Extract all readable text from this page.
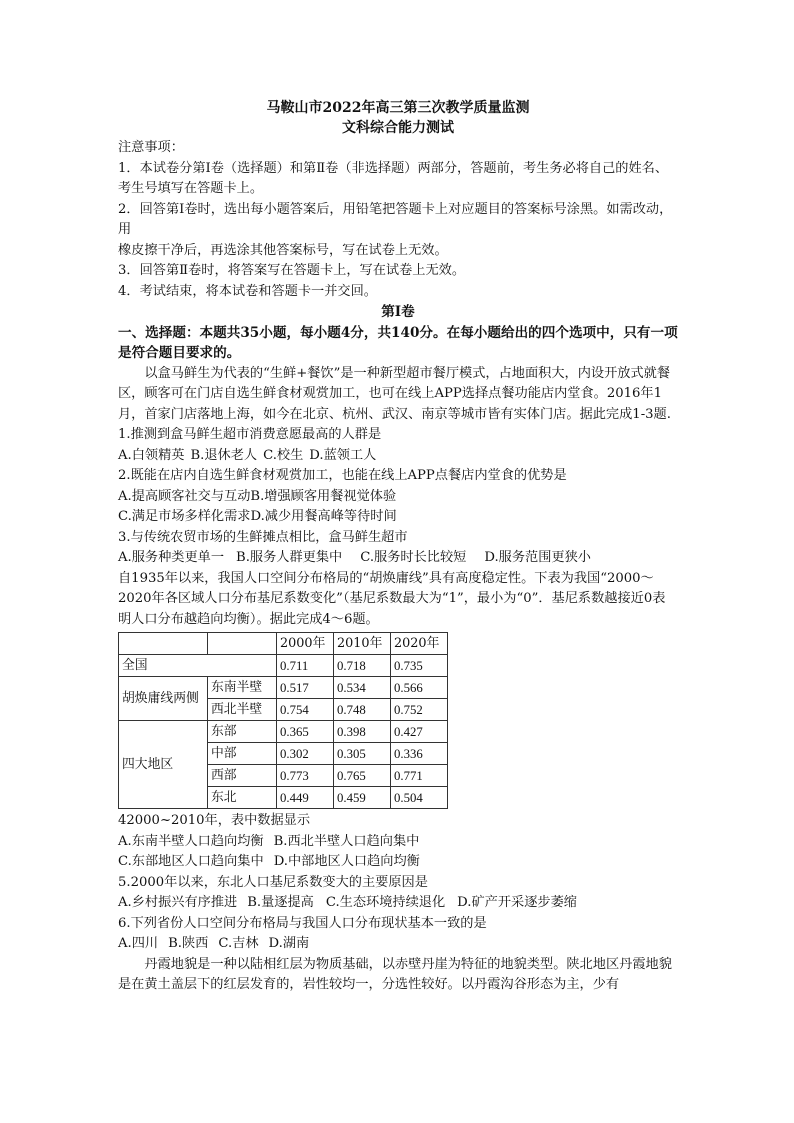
马鞍山市2022年高三第三次教学质量监测
文科综合能力测试

注意事项：

1．本试卷分第Ⅰ卷（选择题）和第Ⅱ卷（非选择题）两部分，答题前，考生务必将自己的姓名、考生号填写在答题卡上。

2．回答第Ⅰ卷时，选出每小题答案后，用铅笔把答题卡上对应题目的答案标号涂黑。如需改动，用

橡皮擦干净后，再选涂其他答案标号，写在试卷上无效。

3．回答第Ⅱ卷时，将答案写在答题卡上，写在试卷上无效。

4．考试结束，将本试卷和答题卡一并交回。

第Ⅰ卷

一、选择题：本题共35小题，每小题4分，共140分。在每小题给出的四个选项中，只有一项是符合题目要求的。

以盒马鲜生为代表的“生鲜+餐饮”是一种新型超市餐厅模式，占地面积大，内设开放式就餐区，顾客可在门店自选生鲜食材观赏加工，也可在线上APP选择点餐功能店内堂食。2016年1月，首家门店落地上海，如今在北京、杭州、武汉、南京等城市皆有实体门店。据此完成1-3题.

1.推测到盒马鲜生超市消费意愿最高的人群是

A.白领精英 B.退休老人 C.校生 D.蓝领工人

2.既能在店内自选生鲜食材观赏加工，也能在线上APP点餐店内堂食的优势是

A.提高顾客社交与互动B.增强顾客用餐视觉体验

C.满足市场多样化需求D.减少用餐高峰等待时间

3.与传统农贸市场的生鲜摊点相比，盒马鲜生超市

A.服务种类更单一 B.服务人群更集中 C.服务时长比较短 D.服务范围更狭小

自1935年以来，我国人口空间分布格局的“胡焕庸线”具有高度稳定性。下表为我国“2000～2020年各区域人口分布基尼系数变化”（基尼系数最大为“1”，最小为“0”．基尼系数越接近0表明人口分布越趋向均衡）。据此完成4～6题。

		2000年	2010年	2020年
全国		0.711	0.718	0.735
胡焕庸线两侧	东南半壁	0.517	0.534	0.566
	西北半壁	0.754	0.748	0.752
四大地区	东部	0.365	0.398	0.427
	中部	0.302	0.305	0.336
	西部	0.773	0.765	0.771
	东北	0.449	0.459	0.504

42000~2010年，表中数据显示

A.东南半壁人口趋向均衡 B.西北半壁人口趋向集中

C.东部地区人口趋向集中 D.中部地区人口趋向均衡

5.2000年以来，东北人口基尼系数变大的主要原因是

A.乡村振兴有序推进 B.量逐提高 C.生态环境持续退化 D.矿产开采逐步萎缩

6.下列省份人口空间分布格局与我国人口分布现状基本一致的是

A.四川 B.陕西 C.吉林 D.湖南

丹霞地貌是一种以陆相红层为物质基础，以赤壁丹崖为特征的地貌类型。陕北地区丹霞地貌是在黄土盖层下的红层发育的，岩性较均一，分选性较好。以丹霞沟谷形态为主，少有
